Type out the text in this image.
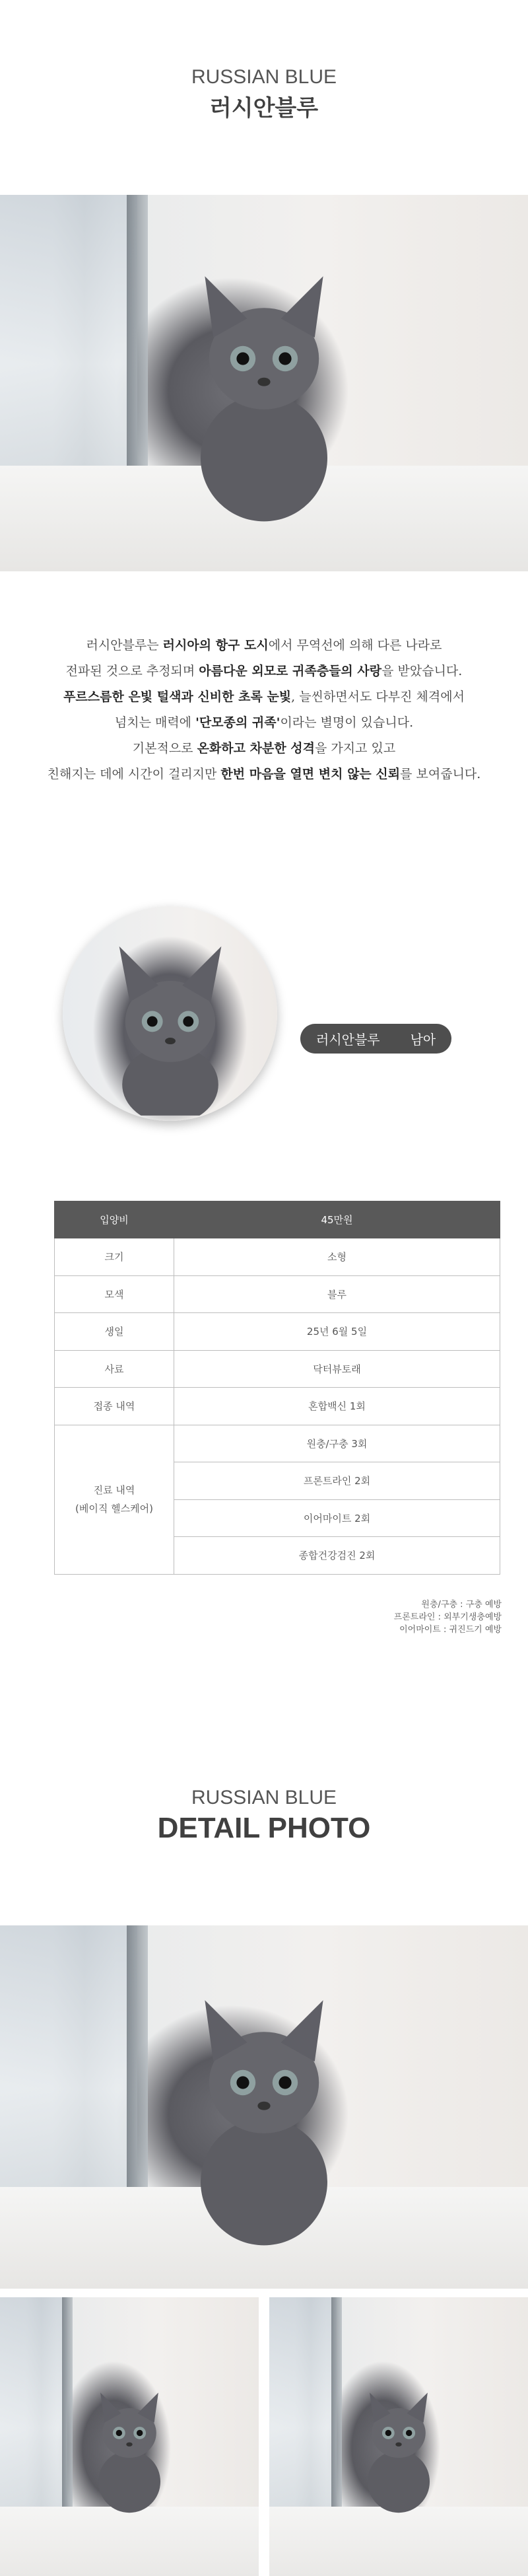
RUSSIAN BLUE
러시안블루
러시안블루는 러시아의 항구 도시에서 무역선에 의해 다른 나라로
전파된 것으로 추정되며 아름다운 외모로 귀족층들의 사랑을 받았습니다.
푸르스름한 은빛 털색과 신비한 초록 눈빛, 늘씬하면서도 다부진 체격에서
넘치는 매력에 '단모종의 귀족'이라는 별명이 있습니다.
기본적으로 온화하고 차분한 성격을 가지고 있고
친해지는 데에 시간이 걸리지만 한번 마음을 열면 변치 않는 신뢰를 보여줍니다.
러시안블루 남아
입양비	45만원
크기	소형
모색	블루
생일	25년 6월 5일
사료	닥터뷰토래
접종 내역	혼합백신 1회

진료 내역
(베이직 헬스케어)	원충/구충 3회
	프론트라인 2회
	이어마이트 2회
	종합건강검진 2회
원충/구충 : 구충 예방
프론트라인 : 외부기생충예방
이어마이트 : 귀진드기 예방
RUSSIAN BLUE
DETAIL PHOTO
